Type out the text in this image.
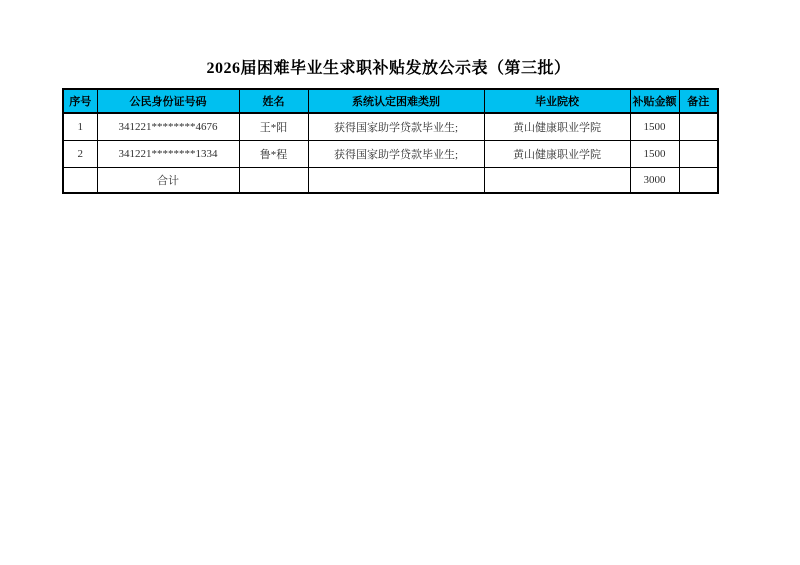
2026届困难毕业生求职补贴发放公示表（第三批）
序号	公民身份证号码	姓名	系统认定困难类别	毕业院校	补贴金额	备注
1	341221********4676	王*阳	获得国家助学贷款毕业生;	黄山健康职业学院	1500	
2	341221********1334	鲁*程	获得国家助学贷款毕业生;	黄山健康职业学院	1500	
	合计				3000	
